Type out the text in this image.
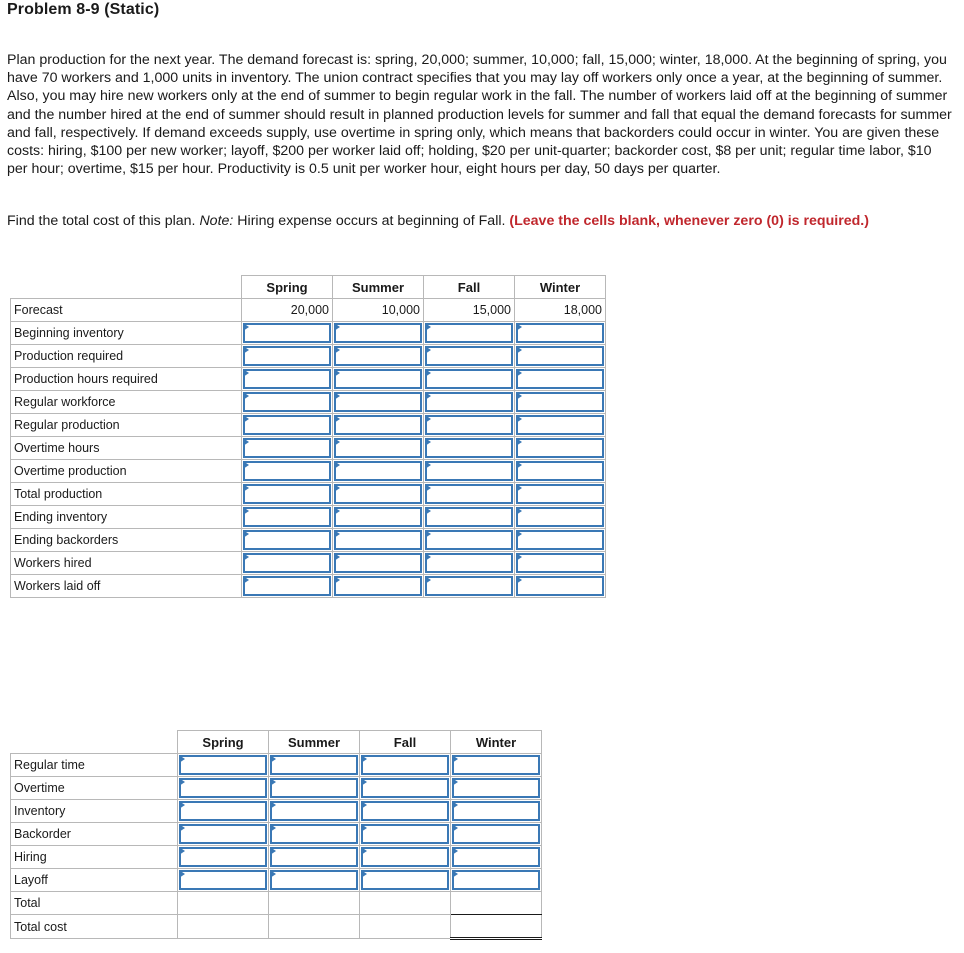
Problem 8-9 (Static)
Plan production for the next year. The demand forecast is: spring, 20,000; summer, 10,000; fall, 15,000; winter, 18,000. At the beginning of spring, you have 70 workers and 1,000 units in inventory. The union contract specifies that you may lay off workers only once a year, at the beginning of summer. Also, you may hire new workers only at the end of summer to begin regular work in the fall. The number of workers laid off at the beginning of summer and the number hired at the end of summer should result in planned production levels for summer and fall that equal the demand forecasts for summer and fall, respectively. If demand exceeds supply, use overtime in spring only, which means that backorders could occur in winter. You are given these costs: hiring, $100 per new worker; layoff, $200 per worker laid off; holding, $20 per unit-quarter; backorder cost, $8 per unit; regular time labor, $10 per hour; overtime, $15 per hour. Productivity is 0.5 unit per worker hour, eight hours per day, 50 days per quarter.
Find the total cost of this plan. Note: Hiring expense occurs at beginning of Fall. (Leave the cells blank, whenever zero (0) is required.)
	Spring	Summer	Fall	Winter
Forecast	20,000	10,000	15,000	18,000
Beginning inventory	

Production required	

Production hours required	

Regular workforce	

Regular production	

Overtime hours	

Overtime production	

Total production	

Ending inventory	

Ending backorders	

Workers hired	

Workers laid off	

	Spring	Summer	Fall	Winter
Regular time	

Overtime	

Inventory	

Backorder	

Hiring	

Layoff	

Total				
Total cost				
